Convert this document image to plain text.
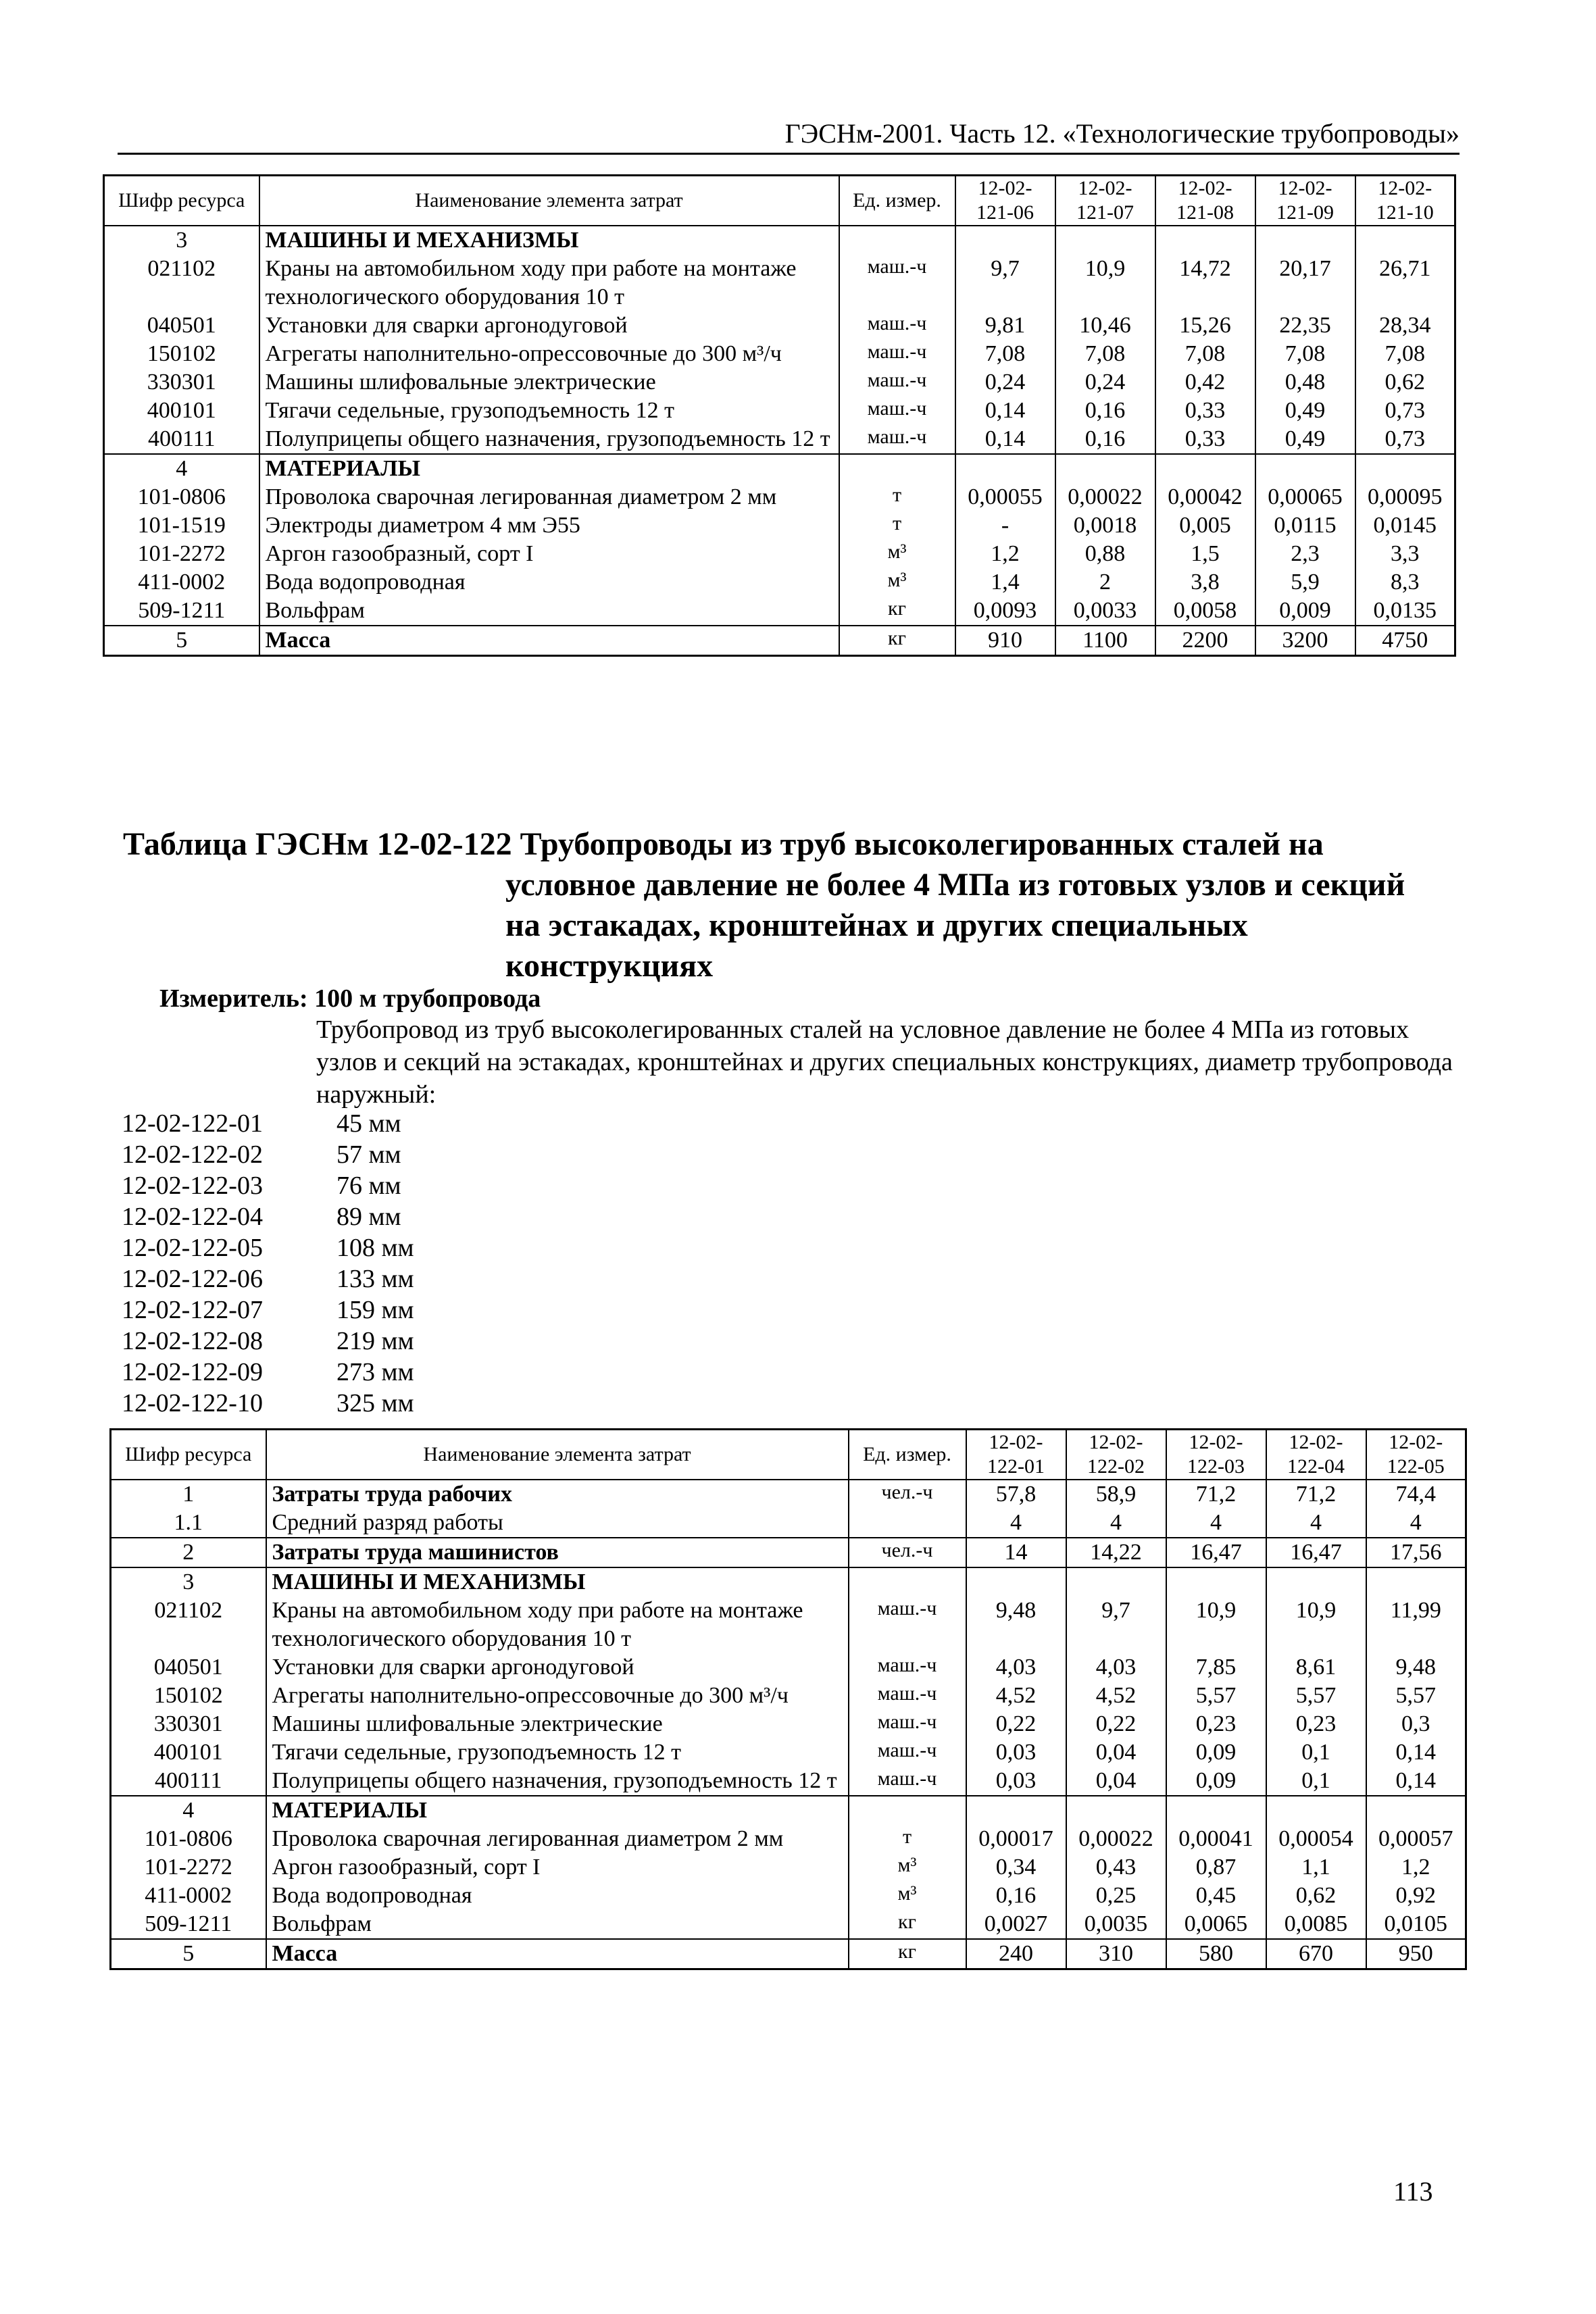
ГЭСНм-2001. Часть 12. «Технологические трубопроводы»
Шифр ресурса	Наименование элемента затрат	Ед. измер.	12-02-121-06	12-02-121-07	12-02-121-08	12-02-121-09	12-02-121-10
3	МАШИНЫ И МЕХАНИЗМЫ						
021102	Краны на автомобильном ходу при работе на монтаже технологического оборудования 10 т	маш.-ч	9,7	10,9	14,72	20,17	26,71
040501	Установки для сварки аргонодуговой	маш.-ч	9,81	10,46	15,26	22,35	28,34
150102	Агрегаты наполнительно-опрессовочные до 300 м³/ч	маш.-ч	7,08	7,08	7,08	7,08	7,08
330301	Машины шлифовальные электрические	маш.-ч	0,24	0,24	0,42	0,48	0,62
400101	Тягачи седельные, грузоподъемность 12 т	маш.-ч	0,14	0,16	0,33	0,49	0,73
400111	Полуприцепы общего назначения, грузоподъемность 12 т	маш.-ч	0,14	0,16	0,33	0,49	0,73
4	МАТЕРИАЛЫ						
101-0806	Проволока сварочная легированная диаметром 2 мм	т	0,00055	0,00022	0,00042	0,00065	0,00095
101-1519	Электроды диаметром 4 мм Э55	т	-	0,0018	0,005	0,0115	0,0145
101-2272	Аргон газообразный, сорт I	м³	1,2	0,88	1,5	2,3	3,3
411-0002	Вода водопроводная	м³	1,4	2	3,8	5,9	8,3
509-1211	Вольфрам	кг	0,0093	0,0033	0,0058	0,009	0,0135
5	Масса	кг	910	1100	2200	3200	4750
Таблица ГЭСНм 12-02-122 Трубопроводы из труб высоколегированных сталей на
условное давление не более 4 МПа из готовых узлов и секций
на эстакадах, кронштейнах и других специальных
конструкциях
Измеритель: 100 м трубопровода
Трубопровод из труб высоколегированных сталей на условное давление не более 4 МПа из готовых узлов и секций на эстакадах, кронштейнах и других специальных конструкциях, диаметр трубопровода наружный:
12-02-122-01	45 мм
12-02-122-02	57 мм
12-02-122-03	76 мм
12-02-122-04	89 мм
12-02-122-05	108 мм
12-02-122-06	133 мм
12-02-122-07	159 мм
12-02-122-08	219 мм
12-02-122-09	273 мм
12-02-122-10	325 мм
Шифр ресурса	Наименование элемента затрат	Ед. измер.	12-02-122-01	12-02-122-02	12-02-122-03	12-02-122-04	12-02-122-05
1	Затраты труда рабочих	чел.-ч	57,8	58,9	71,2	71,2	74,4
1.1	Средний разряд работы		4	4	4	4	4
2	Затраты труда машинистов	чел.-ч	14	14,22	16,47	16,47	17,56
3	МАШИНЫ И МЕХАНИЗМЫ						
021102	Краны на автомобильном ходу при работе на монтаже технологического оборудования 10 т	маш.-ч	9,48	9,7	10,9	10,9	11,99
040501	Установки для сварки аргонодуговой	маш.-ч	4,03	4,03	7,85	8,61	9,48
150102	Агрегаты наполнительно-опрессовочные до 300 м³/ч	маш.-ч	4,52	4,52	5,57	5,57	5,57
330301	Машины шлифовальные электрические	маш.-ч	0,22	0,22	0,23	0,23	0,3
400101	Тягачи седельные, грузоподъемность 12 т	маш.-ч	0,03	0,04	0,09	0,1	0,14
400111	Полуприцепы общего назначения, грузоподъемность 12 т	маш.-ч	0,03	0,04	0,09	0,1	0,14
4	МАТЕРИАЛЫ						
101-0806	Проволока сварочная легированная диаметром 2 мм	т	0,00017	0,00022	0,00041	0,00054	0,00057
101-2272	Аргон газообразный, сорт I	м³	0,34	0,43	0,87	1,1	1,2
411-0002	Вода водопроводная	м³	0,16	0,25	0,45	0,62	0,92
509-1211	Вольфрам	кг	0,0027	0,0035	0,0065	0,0085	0,0105
5	Масса	кг	240	310	580	670	950
113
